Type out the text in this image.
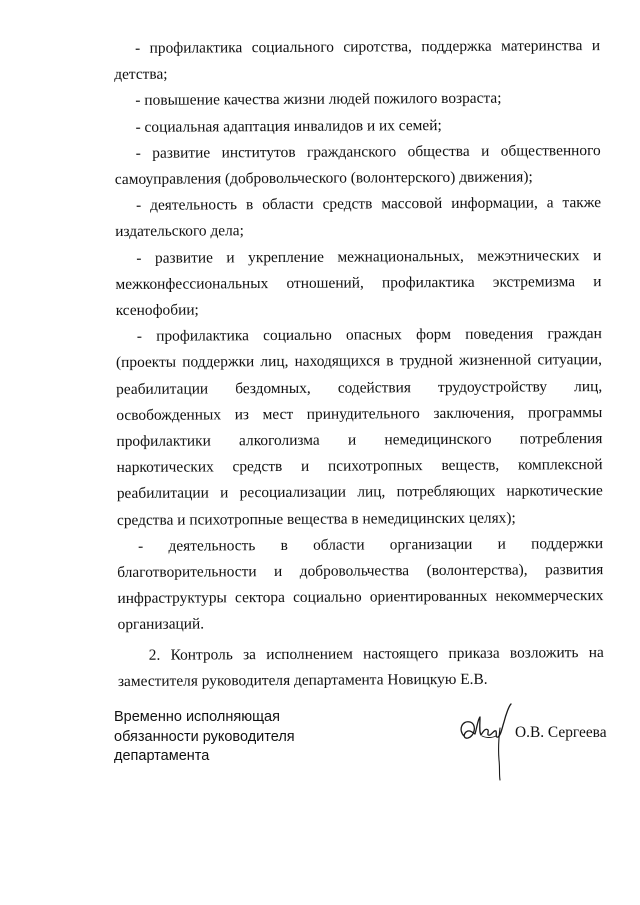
- профилактика социального сиротства, поддержка материнства и детства;

- повышение качества жизни людей пожилого возраста;

- социальная адаптация инвалидов и их семей;

- развитие институтов гражданского общества и общественного самоуправления (добровольческого (волонтерского) движения);

- деятельность в области средств массовой информации, а также издательского дела;

- развитие и укрепление межнациональных, межэтнических и межконфессиональных отношений, профилактика экстремизма и ксенофобии;

- профилактика социально опасных форм поведения граждан (проекты поддержки лиц, находящихся в трудной жизненной ситуации, реабилитации бездомных, содействия трудоустройству лиц, освобожденных из мест принудительного заключения, программы профилактики алкоголизма и немедицинского потребления наркотических средств и психотропных веществ, комплексной реабилитации и ресоциализации лиц, потребляющих наркотические средства и психотропные вещества в немедицинских целях);

- деятельность в области организации и поддержки благотворительности и добровольчества (волонтерства), развития инфраструктуры сектора социально ориентированных некоммерческих организаций.

2. Контроль за исполнением настоящего приказа возложить на заместителя руководителя департамента Новицкую Е.В.

Временно исполняющая
обязанности руководителя
департамента
О.В. Сергеева
